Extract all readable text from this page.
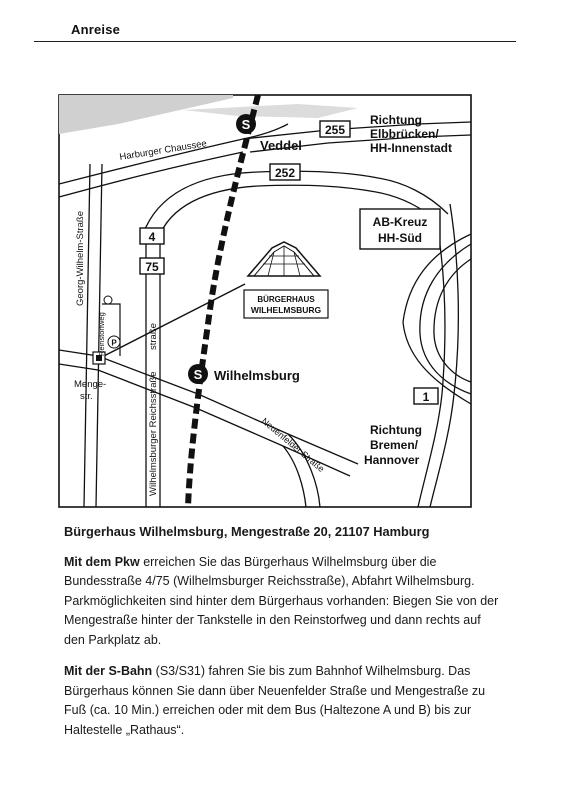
Anreise
BÜRGERHAUS
WILHELMSBURG
S
S
P
255
252
4
75
1
AB-Kreuz
HH-Süd
Richtung
Elbbrücken/
HH-Innenstadt
Veddel
Harburger Chaussee
Georg-Wilhelm-Straße
Reinstorfweg	straße
Wilhelmsburger Reichsstraße
Menge-
str.
Wilhelmsburg
Neuenfelder Straße	Richtung
Bremen/
Hannover

Bürgerhaus Wilhelmsburg, Mengestraße 20, 21107 Hamburg

Mit dem Pkw erreichen Sie das Bürgerhaus Wilhelmsburg über die Bundesstraße 4/75 (Wilhelmsburger Reichsstraße), Abfahrt Wilhelmsburg. Parkmöglichkeiten sind hinter dem Bürgerhaus vorhanden: Biegen Sie von der Mengestraße hinter der Tankstelle in den Reinstorfweg und dann rechts auf den Parkplatz ab.

Mit der S-Bahn (S3/S31) fahren Sie bis zum Bahnhof Wilhelmsburg. Das Bürgerhaus können Sie dann über Neuenfelder Straße und Mengestraße zu Fuß (ca. 10 Min.) erreichen oder mit dem Bus (Haltezone A und B) bis zur Haltestelle „Rathaus“.
